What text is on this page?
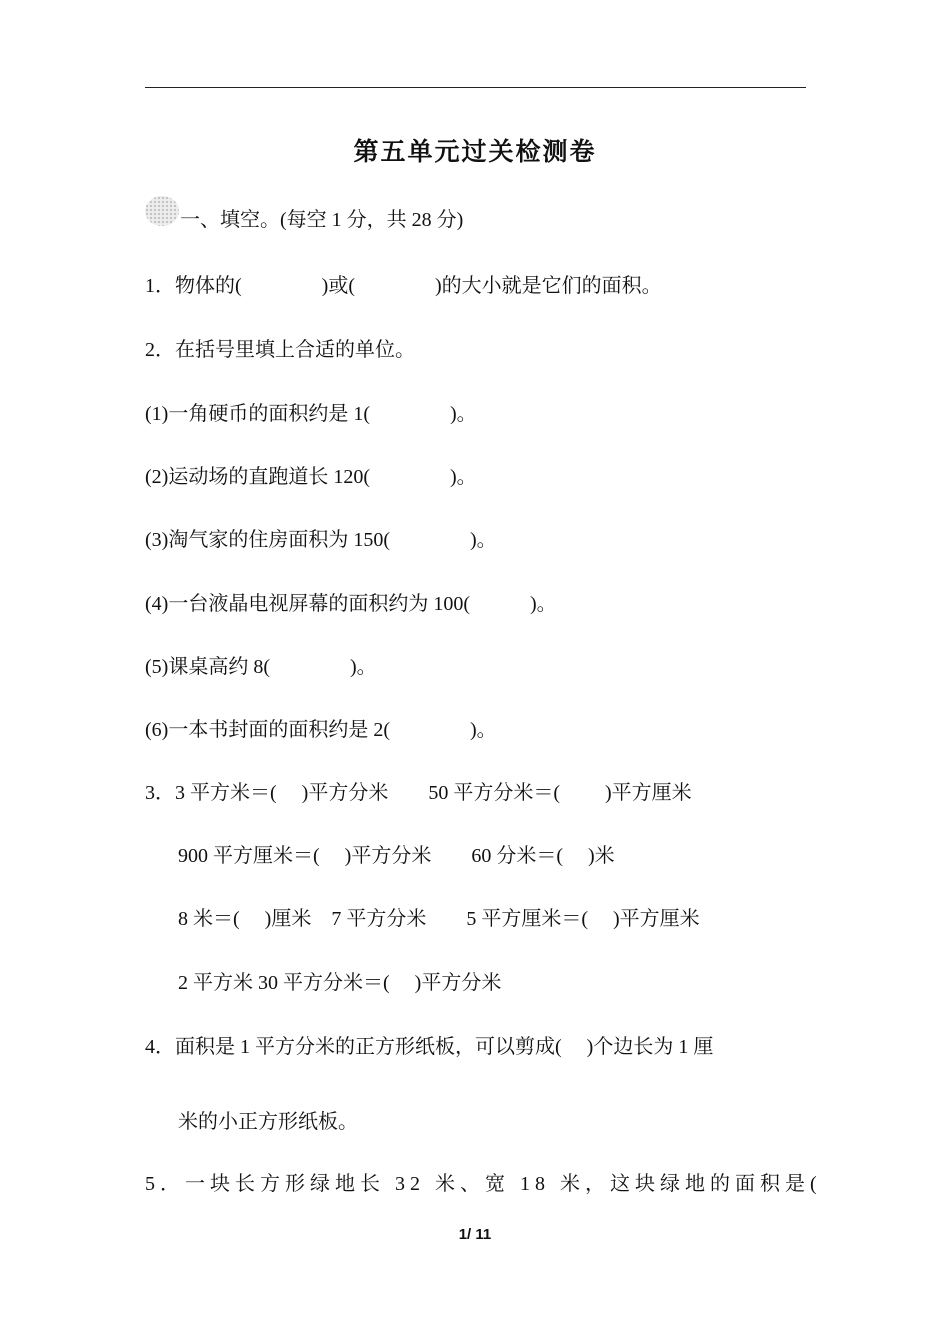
第五单元过关检测卷
一、填空。(每空 1 分，共 28 分)
1．物体的(　　　　)或(　　　　)的大小就是它们的面积。
2．在括号里填上合适的单位。
(1)一角硬币的面积约是 1(　　　　)。
(2)运动场的直跑道长 120(　　　　)。
(3)淘气家的住房面积为 150(　　　　)。
(4)一台液晶电视屏幕的面积约为 100(　　　)。
(5)课桌高约 8(　　　　)。
(6)一本书封面的面积约是 2(　　　　)。
3．3 平方米＝(　 )平方分米　　50 平方分米＝(　　 )平方厘米
900 平方厘米＝(　 )平方分米　　60 分米＝(　 )米
8 米＝(　 )厘米　7 平方分米　　5 平方厘米＝(　 )平方厘米
2 平方米 30 平方分米＝(　 )平方分米
4．面积是 1 平方分米的正方形纸板，可以剪成(　 )个边长为 1 厘
米的小正方形纸板。
5．一块长方形绿地长 32 米、宽 18 米，这块绿地的面积是(
1/ 11
